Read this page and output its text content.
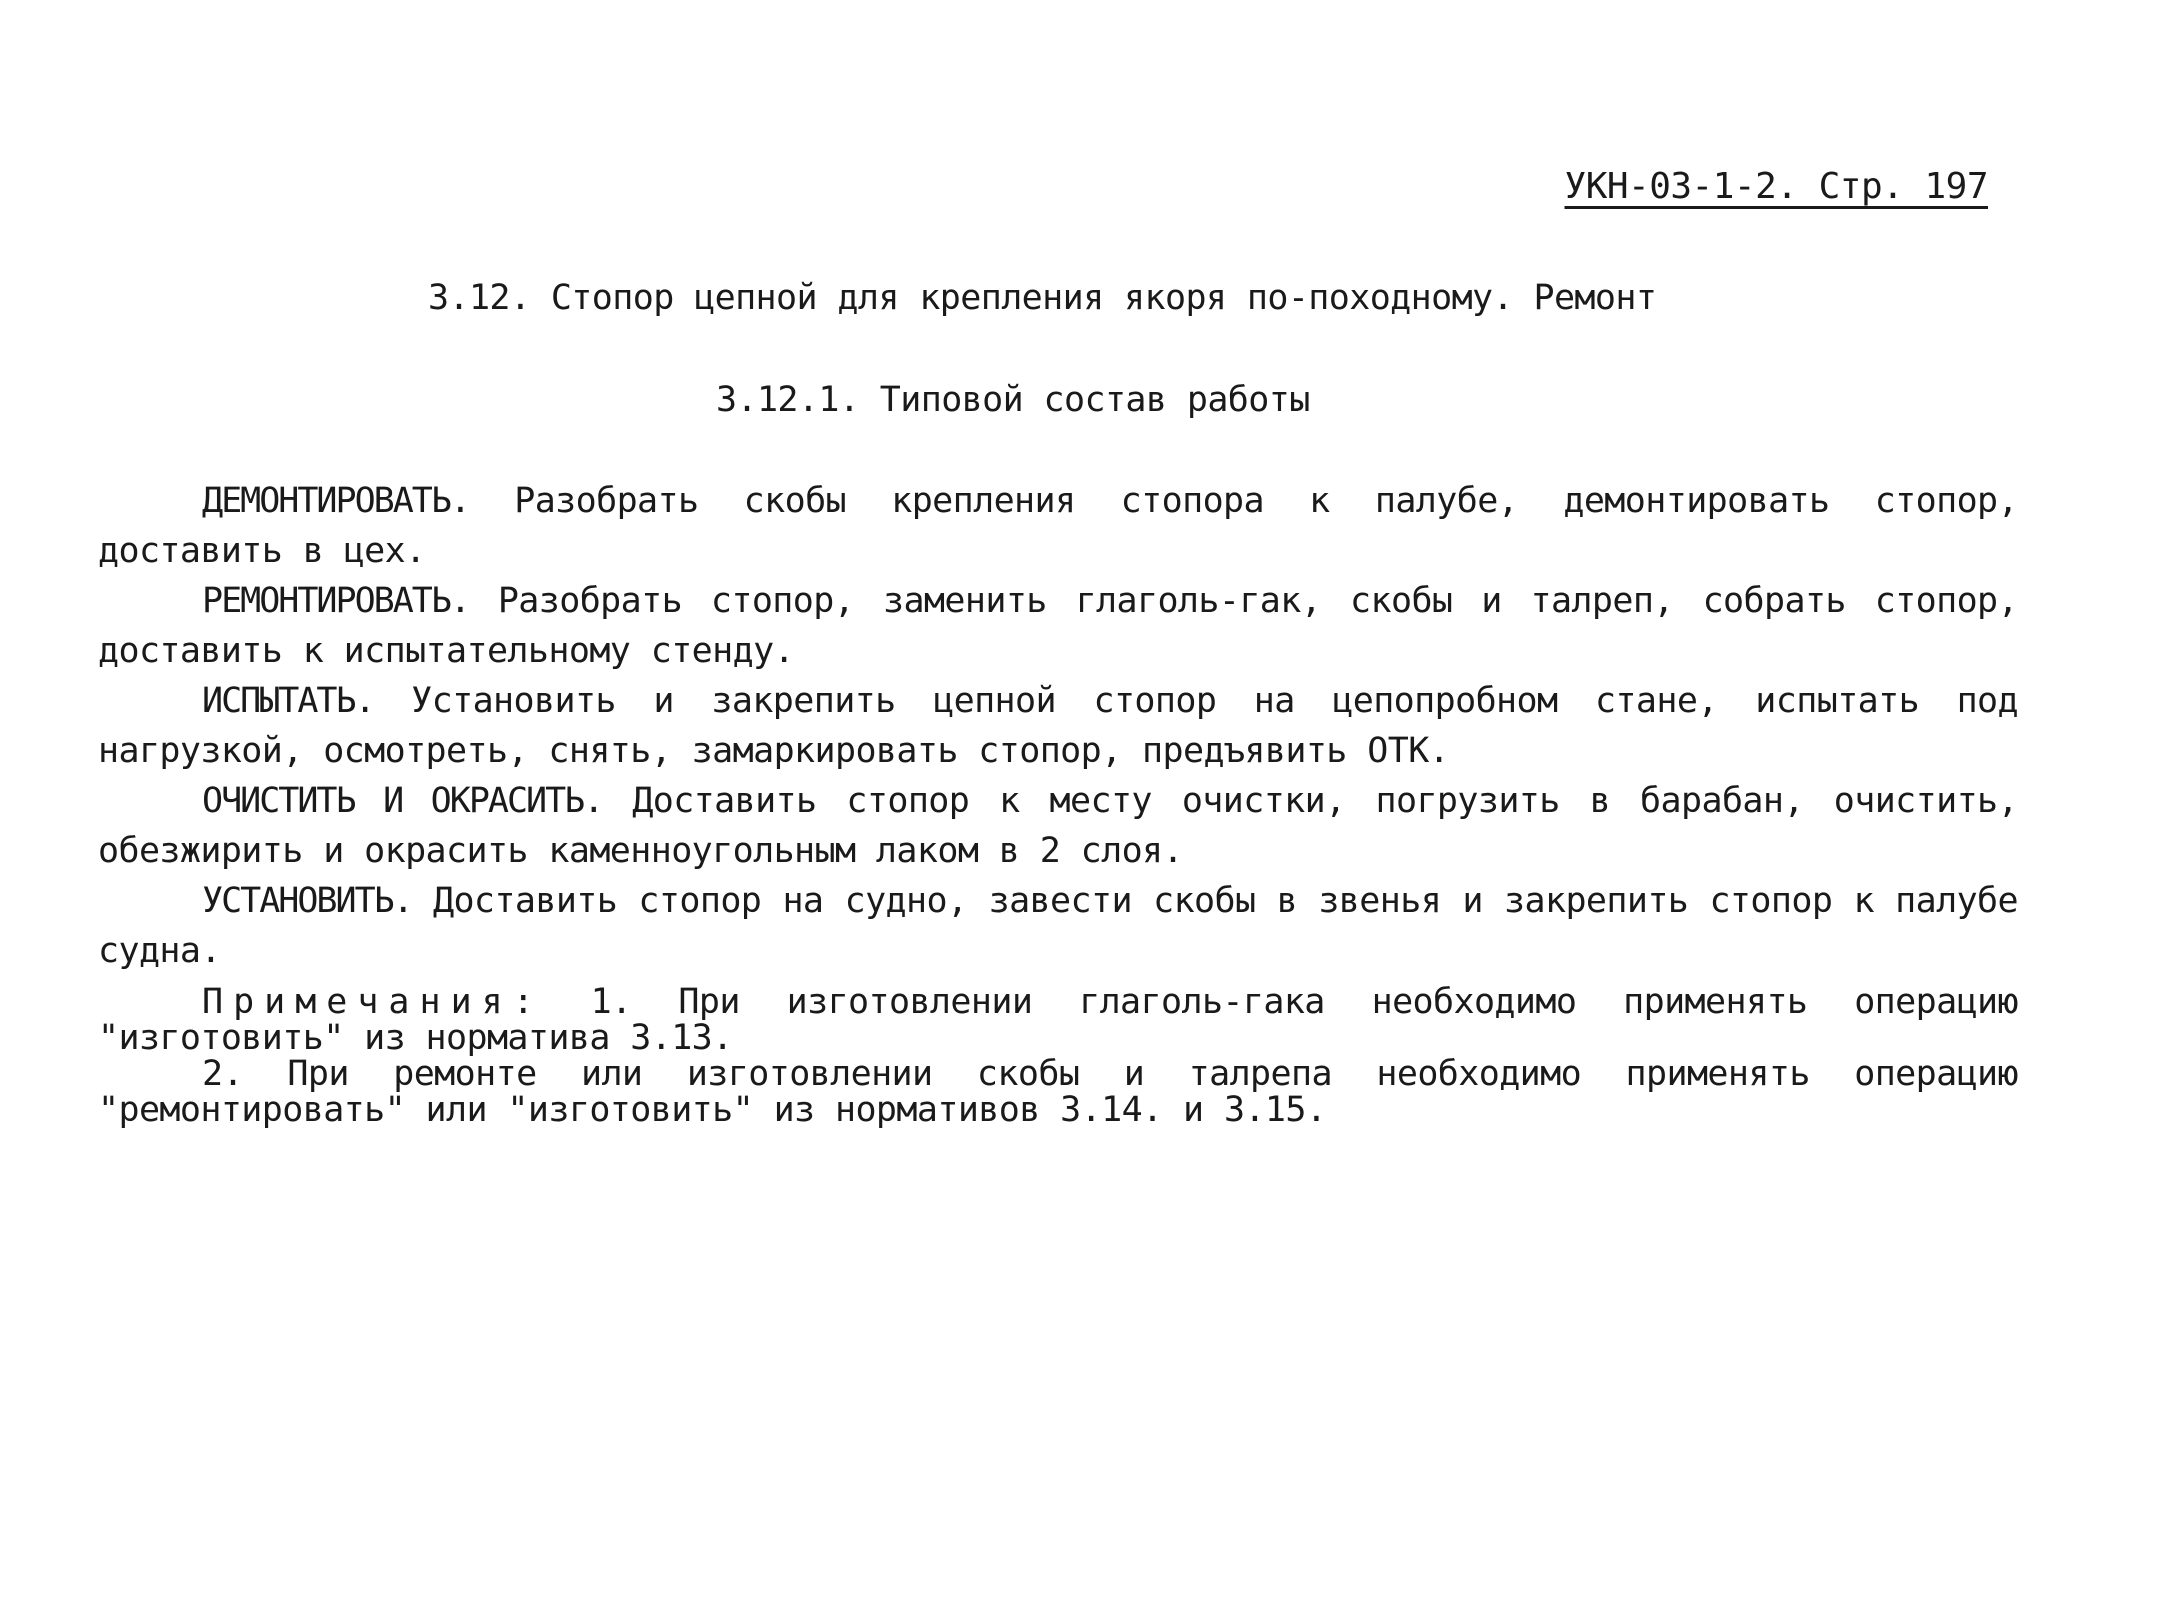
УКН-03-1-2. Стр. 197
3.12. Стопор цепной для крепления якоря по-походному. Ремонт
3.12.1. Типовой состав работы

ДЕМОНТИРОВАТЬ. Разобрать скобы крепления стопора к палубе, демонтировать стопор, доставить в цех.

РЕМОНТИРОВАТЬ. Разобрать стопор, заменить глаголь-гак, скобы и талреп, собрать стопор, доставить к испытательному стенду.

ИСПЫТАТЬ. Установить и закрепить цепной стопор на цепопробном стане, испытать под нагрузкой, осмотреть, снять, замаркировать стопор, предъявить ОТК.

ОЧИСТИТЬ И ОКРАСИТЬ. Доставить стопор к месту очистки, погрузить в барабан, очистить, обезжирить и окрасить каменноугольным лаком в 2 слоя.

УСТАНОВИТЬ. Доставить стопор на судно, завести скобы в звенья и закрепить стопор к палубе судна.

Примечания: 1. При изготовлении глаголь-гака необходимо применять операцию "изготовить" из норматива 3.13.

2. При ремонте или изготовлении скобы и талрепа необходимо применять операцию "ремонтировать" или "изготовить" из нормативов 3.14. и 3.15.
